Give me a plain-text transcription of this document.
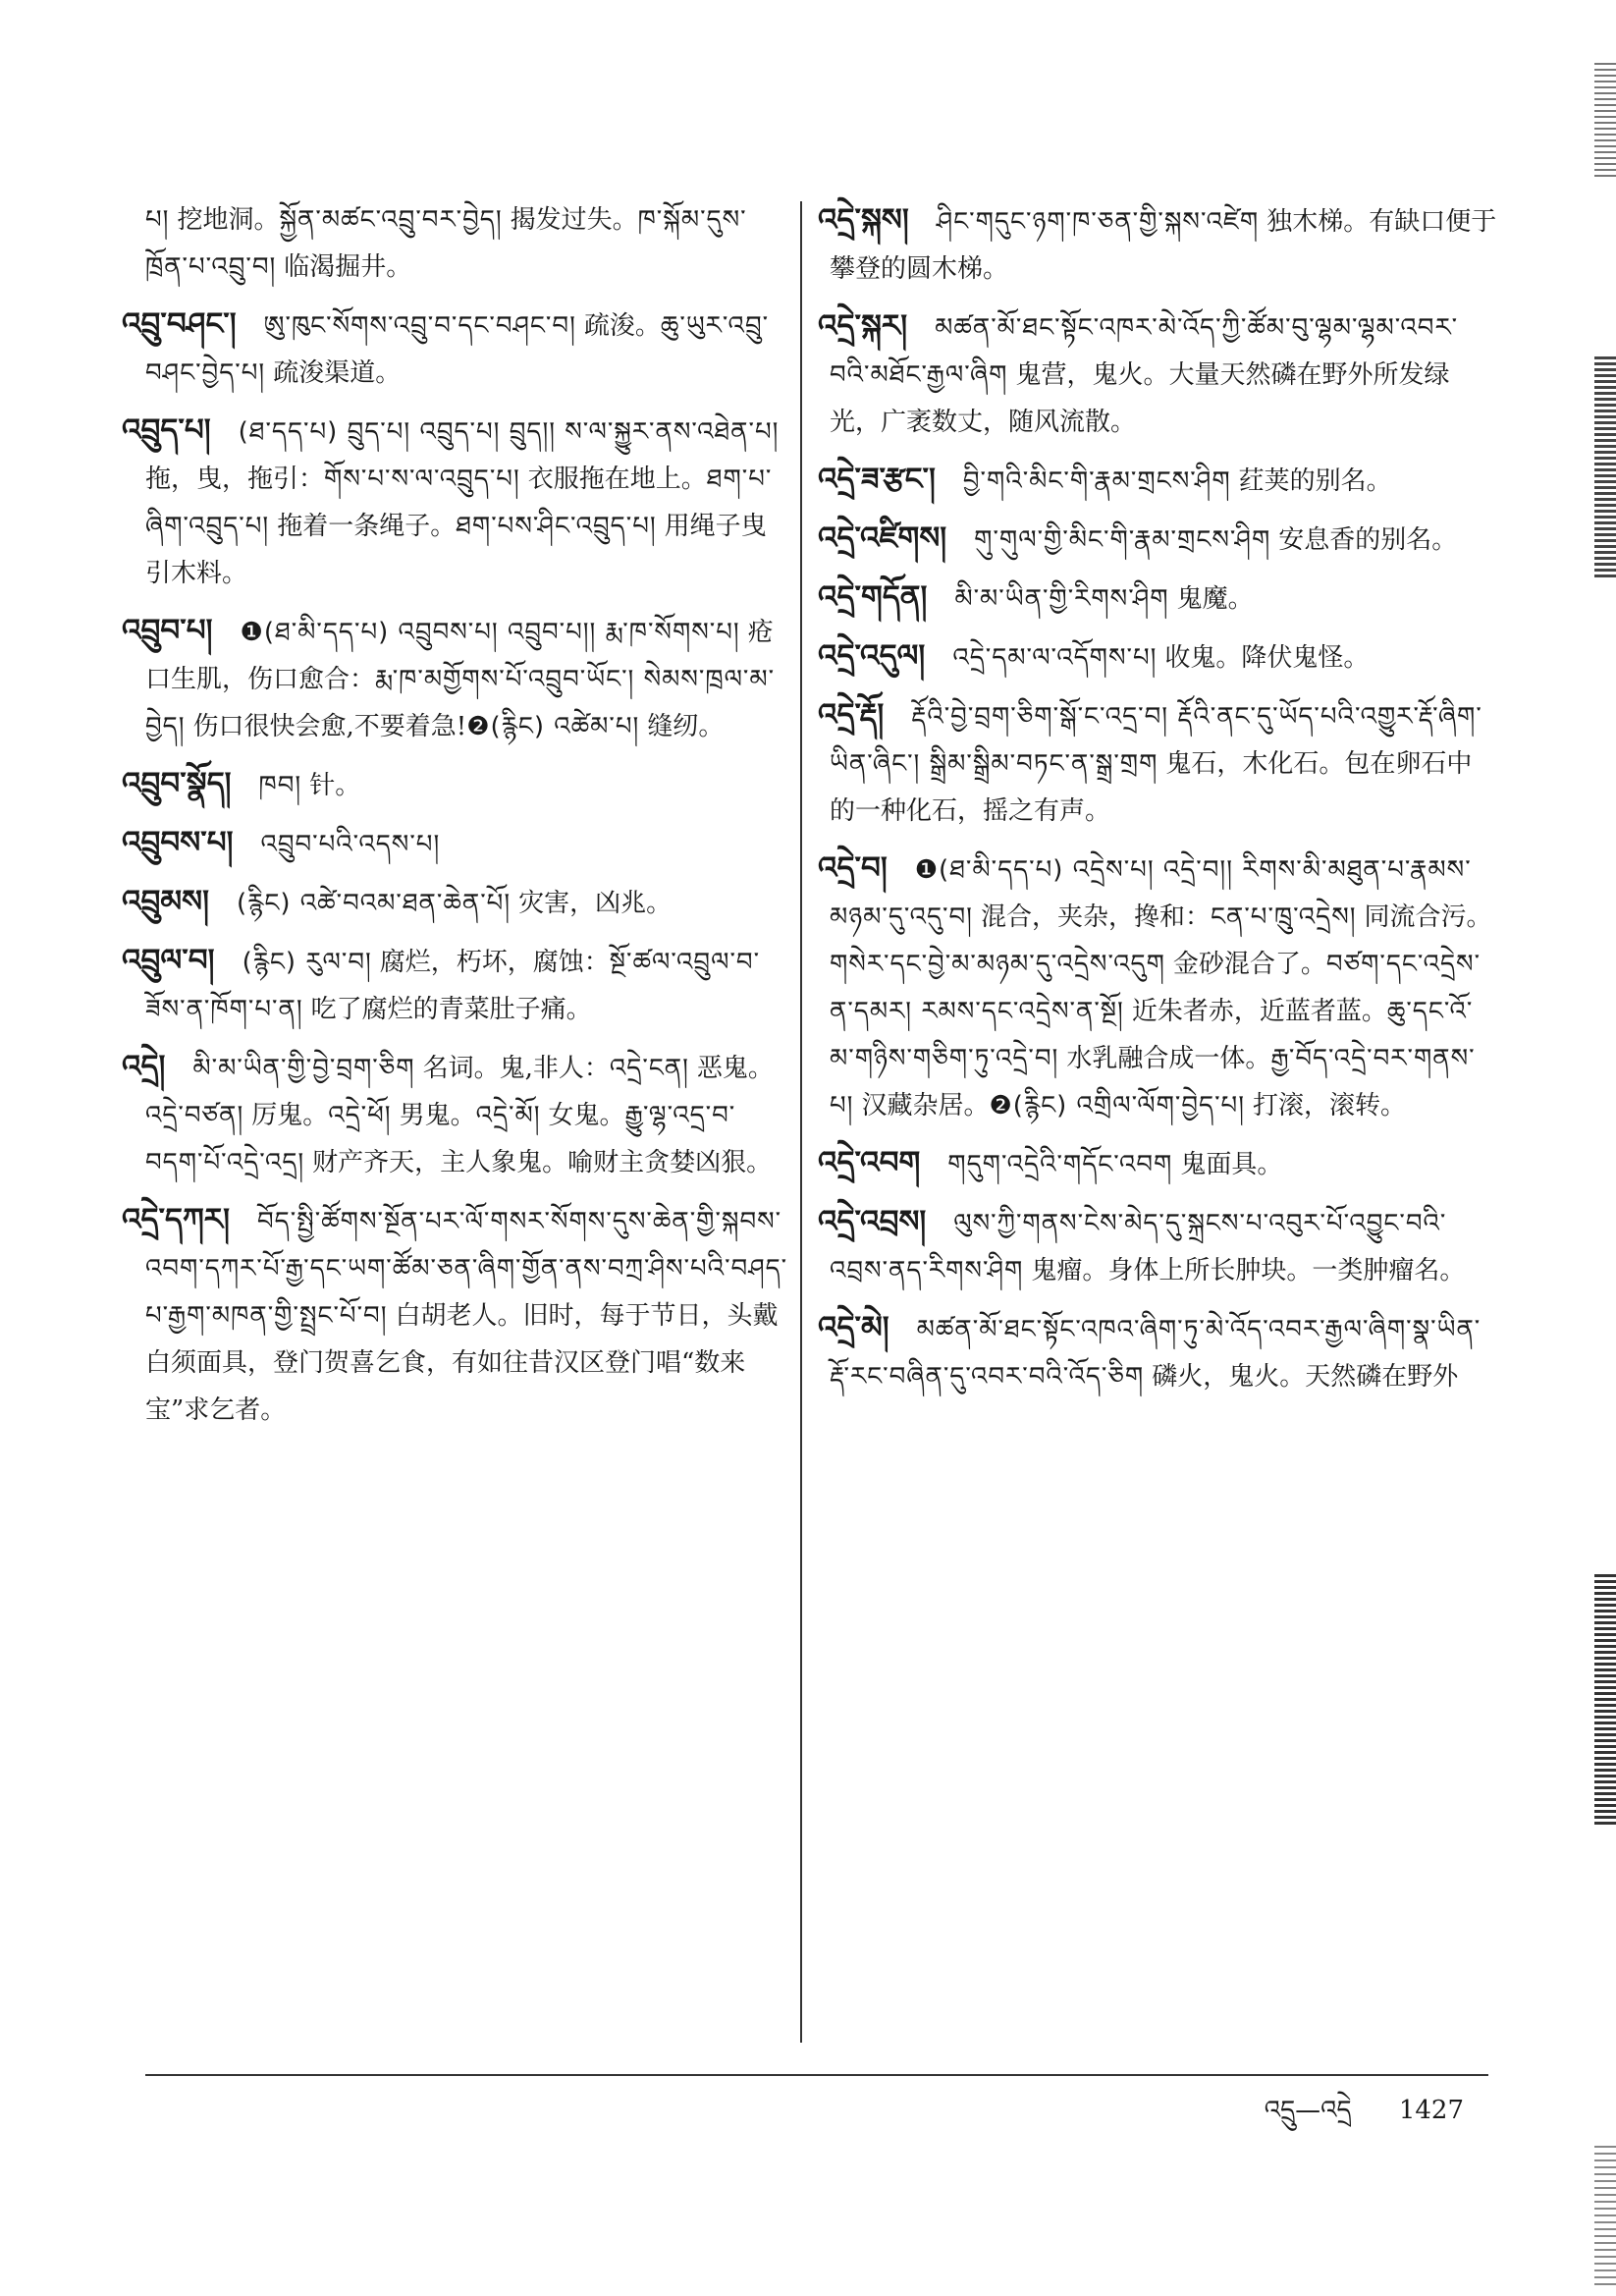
པ། 挖地洞。སྐྱོན་མཚང་འབྲུ་བར་བྱེད། 揭发过失。ཁ་སྐོམ་དུས་ཁྲོན་པ་འབྲུ་བ། 临渴掘井。

འབྲུ་བཤང་། ཨུ་ཁུང་སོགས་འབྲུ་བ་དང་བཤང་བ། 疏浚。ཆུ་ཡུར་འབྲུ་བཤང་བྱེད་པ། 疏浚渠道。

འབྲུད་པ། (ཐ་དད་པ) བྲུད་པ། འབྲུད་པ། བྲུད།། ས་ལ་སྐྱུར་ནས་འཐེན་པ།拖，曳，拖引：གོས་པ་ས་ལ་འབྲུད་པ། 衣服拖在地上。ཐག་པ་ཞིག་འབྲུད་པ། 拖着一条绳子。ཐག་པས་ཤིང་འབྲུད་པ། 用绳子曳引木料。

འབྲུབ་པ། ❶(ཐ་མི་དད་པ) འབྲུབས་པ། འབྲུབ་པ།། རྨ་ཁ་སོགས་པ། 疮口生肌，伤口愈合：རྨ་ཁ་མགྱོགས་པོ་འབྲུབ་ཡོང་། སེམས་ཁྲལ་མ་བྱེད། 伤口很快会愈,不要着急!❷(རྙིང) འཚེམ་པ། 缝纫。

འབྲུབ་སྣོད། ཁབ། 针。

འབྲུབས་པ། འབྲུབ་པའི་འདས་པ།

འབྲུམས། (རྙིང) འཚེ་བའམ་ཐན་ཆེན་པོ། 灾害，凶兆。

འབྲུལ་བ། (རྙིང) རུལ་བ། 腐烂，朽坏，腐蚀：སྔོ་ཚལ་འབྲུལ་བ་ཟོས་ན་ཁོག་པ་ན། 吃了腐烂的青菜肚子痛。

འདྲེ། མི་མ་ཡིན་གྱི་བྱེ་བྲག་ཅིག 名词。鬼,非人：འདྲེ་ངན། 恶鬼。འདྲེ་བཙན། 厉鬼。འདྲེ་ཕོ། 男鬼。འདྲེ་མོ། 女鬼。རྒྱུ་ལྷ་འདྲ་བ་བདག་པོ་འདྲེ་འདྲ། 财产齐天，主人象鬼。喻财主贪婪凶狠。

འདྲེ་དཀར། བོད་སྤྱི་ཚོགས་སྔོན་པར་ལོ་གསར་སོགས་དུས་ཆེན་གྱི་སྐབས་འབག་དཀར་པོ་རྒྱ་དང་ཡག་ཚོམ་ཅན་ཞིག་གྱོན་ནས་བཀྲ་ཤིས་པའི་བཤད་པ་རྒྱག་མཁན་གྱི་སྤྲང་པོ་བ། 白胡老人。旧时，每于节日，头戴白须面具，登门贺喜乞食，有如往昔汉区登门唱“数来宝”求乞者。

འདྲེ་སྐས། ཤིང་གདུང་ཉག་ཁ་ཅན་གྱི་སྐས་འཛེག 独木梯。有缺口便于攀登的圆木梯。

འདྲེ་སྐར། མཚན་མོ་ཐང་སྟོང་འཁར་མེ་འོད་ཀྱི་ཚོམ་བུ་ལྷམ་ལྷམ་འབར་བའི་མཐོང་རྒྱལ་ཞིག 鬼营，鬼火。大量天然磷在野外所发绿光，广袤数丈，随风流散。

འདྲེ་ཟ་རྩང་། བྱི་གའི་མིང་གི་རྣམ་གྲངས་ཤིག 荭荚的别名。

འདྲེ་འཛིགས། གུ་གུལ་གྱི་མིང་གི་རྣམ་གྲངས་ཤིག 安息香的别名。

འདྲེ་གདོན། མི་མ་ཡིན་གྱི་རིགས་ཤིག 鬼魔。

འདྲེ་འདུལ། འདྲེ་དམ་ལ་འདོགས་པ། 收鬼。降伏鬼怪。

འདྲེ་རྡོ། རྡོའི་བྱེ་བྲག་ཅིག་སྒོ་ང་འདྲ་བ། རྡོའི་ནང་དུ་ཡོད་པའི་འགྱུར་རྡོ་ཞིག་ཡིན་ཞིང་། སྒྲིམ་སྒྲིམ་བཏང་ན་སྒྲ་གྲག 鬼石，木化石。包在卵石中的一种化石，摇之有声。

འདྲེ་བ། ❶(ཐ་མི་དད་པ) འདྲེས་པ། འདྲེ་བ།། རིགས་མི་མཐུན་པ་རྣམས་མཉམ་དུ་འདུ་བ། 混合，夹杂，搀和：ངན་པ་ཁྲུ་འདྲེས། 同流合污。གསེར་དང་བྱེ་མ་མཉམ་དུ་འདྲེས་འདུག 金砂混合了。བཙག་དང་འདྲེས་ན་དམར། རམས་དང་འདྲེས་ན་སྔོ། 近朱者赤，近蓝者蓝。ཆུ་དང་འོ་མ་གཉིས་གཅིག་ཏུ་འདྲེ་བ། 水乳融合成一体。རྒྱ་བོད་འདྲེ་བར་གནས་པ། 汉藏杂居。❷(རྙིང) འགྲིལ་ལོག་བྱེད་པ། 打滚，滚转。

འདྲེ་འབག གདུག་འདྲེའི་གདོང་འབག 鬼面具。

འདྲེ་འབྲས། ལུས་ཀྱི་གནས་ངེས་མེད་དུ་སྐྲངས་པ་འབུར་པོ་འབྱུང་བའི་འབྲས་ནད་རིགས་ཤིག 鬼瘤。身体上所长肿块。一类肿瘤名。

འདྲེ་མེ། མཚན་མོ་ཐང་སྟོང་འཁའ་ཞིག་ཏུ་མེ་འོད་འབར་རྒྱལ་ཞིག་སྣ་ཡིན་རྡོ་རང་བཞིན་དུ་འབར་བའི་འོད་ཅིག 磷火，鬼火。天然磷在野外

འདྲུ—འདྲེ 1427
